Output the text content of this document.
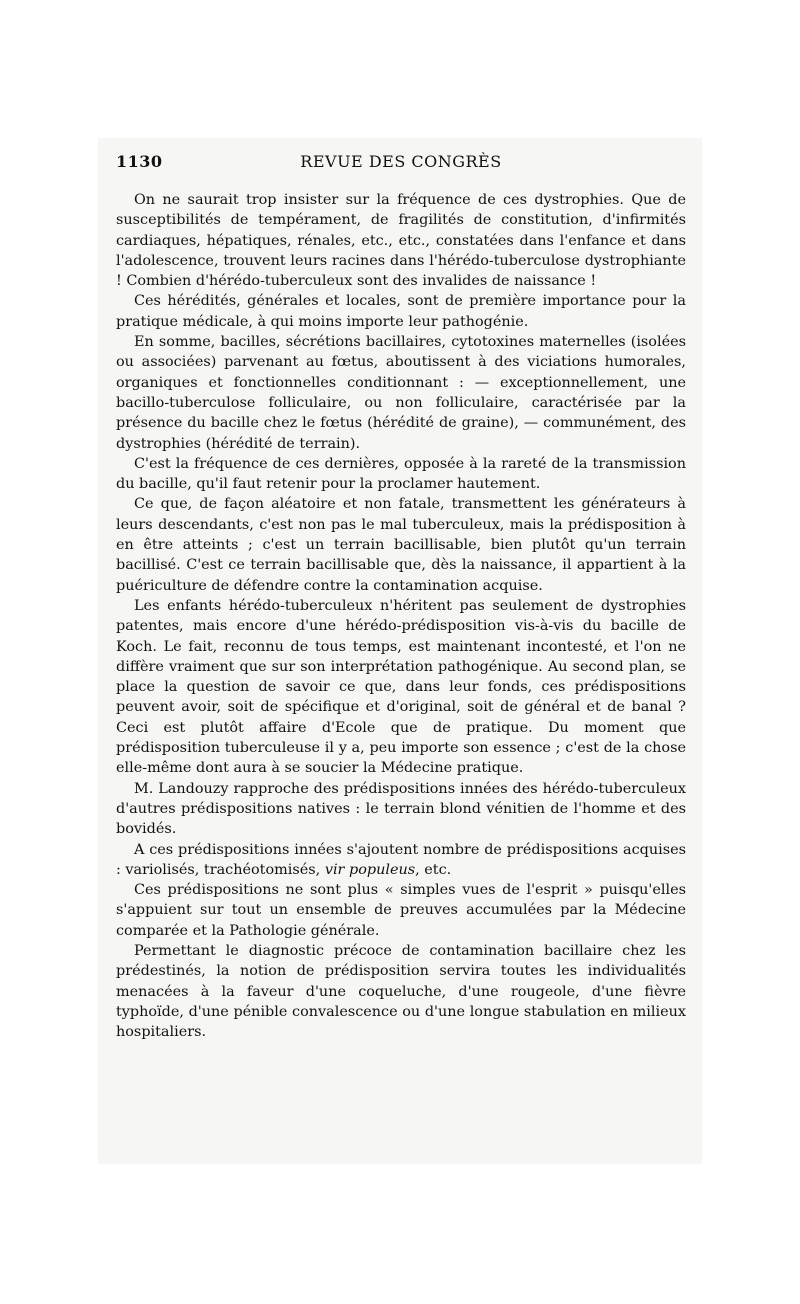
1130	REVUE DES CONGRÈS

On ne saurait trop insister sur la fréquence de ces dystrophies. Que de susceptibilités de tempérament, de fragilités de constitution, d'infirmités cardiaques, hépatiques, rénales, etc., etc., constatées dans l'enfance et dans l'adolescence, trouvent leurs racines dans l'hérédo-tuberculose dystrophiante ! Combien d'hérédo-tuberculeux sont des invalides de naissance !

Ces hérédités, générales et locales, sont de première importance pour la pratique médicale, à qui moins importe leur pathogénie.

En somme, bacilles, sécrétions bacillaires, cytotoxines maternelles (isolées ou associées) parvenant au fœtus, aboutissent à des viciations humorales, organiques et fonctionnelles conditionnant : — exceptionnellement, une bacillo-tuberculose folliculaire, ou non folliculaire, caractérisée par la présence du bacille chez le fœtus (hérédité de graine), — communément, des dystrophies (hérédité de terrain).

C'est la fréquence de ces dernières, opposée à la rareté de la transmission du bacille, qu'il faut retenir pour la proclamer hautement.

Ce que, de façon aléatoire et non fatale, transmettent les générateurs à leurs descendants, c'est non pas le mal tuberculeux, mais la prédisposition à en être atteints ; c'est un terrain bacillisable, bien plutôt qu'un terrain bacillisé. C'est ce terrain bacillisable que, dès la naissance, il appartient à la puériculture de défendre contre la contamination acquise.

Les enfants hérédo-tuberculeux n'héritent pas seulement de dystrophies patentes, mais encore d'une hérédo-prédisposition vis-à-vis du bacille de Koch. Le fait, reconnu de tous temps, est maintenant incontesté, et l'on ne diffère vraiment que sur son interprétation pathogénique. Au second plan, se place la question de savoir ce que, dans leur fonds, ces prédispositions peuvent avoir, soit de spécifique et d'original, soit de général et de banal ? Ceci est plutôt affaire d'Ecole que de pratique. Du moment que prédisposition tuberculeuse il y a, peu importe son essence ; c'est de la chose elle-même dont aura à se soucier la Médecine pratique.

M. Landouzy rapproche des prédispositions innées des hérédo-tuberculeux d'autres prédispositions natives : le terrain blond vénitien de l'homme et des bovidés.

A ces prédispositions innées s'ajoutent nombre de prédispositions acquises : variolisés, trachéotomisés, vir populeus, etc.

Ces prédispositions ne sont plus « simples vues de l'esprit » puisqu'elles s'appuient sur tout un ensemble de preuves accumulées par la Médecine comparée et la Pathologie générale.

Permettant le diagnostic précoce de contamination bacillaire chez les prédestinés, la notion de prédisposition servira toutes les individualités menacées à la faveur d'une coqueluche, d'une rougeole, d'une fièvre typhoïde, d'une pénible convalescence ou d'une longue stabulation en milieux hospitaliers.
